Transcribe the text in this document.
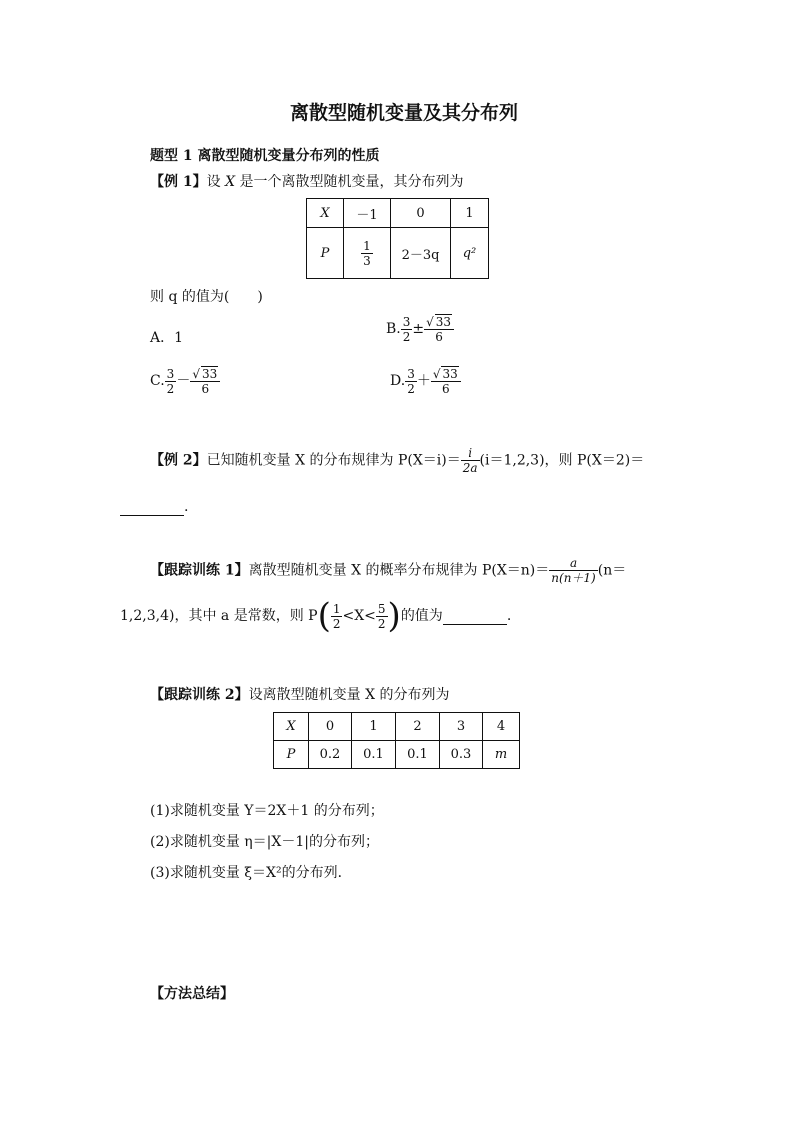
离散型随机变量及其分布列
题型 1 离散型随机变量分布列的性质
【例 1】设 X 是一个离散型随机变量，其分布列为
X	－1	0	1
P	$\frac{1}{3}$	2－3q	q²
则 q 的值为(　　)
A．1
B. $\frac{3}{2} \pm \frac{√ 33}{6}$
C. $\frac{3}{2} - \frac{√ 33}{6}$	D. $\frac{3}{2} + \frac{√ 33}{6}$
【例 2】已知随机变量 X 的分布规律为 $P(X=i)= \frac{i}{2a} (i=1,2,3)$，则 P(X＝2)＝
.
【跟踪训练 1】离散型随机变量 X 的概率分布规律为 $P(X=n)= \frac{a}{n(n+1)} (n=$
1,2,3,4)，其中 a 是常数，则 $P( \frac{1}{2} <X< \frac{5}{2}$ )的值为	.
【跟踪训练 2】设离散型随机变量 X 的分布列为
X	0	1	2	3	4
P	0.2	0.1	0.1	0.3	m
(1)求随机变量 Y＝2X＋1 的分布列；
(2)求随机变量 η＝|X－1|的分布列；
(3)求随机变量 ξ＝X²的分布列．
【方法总结】
